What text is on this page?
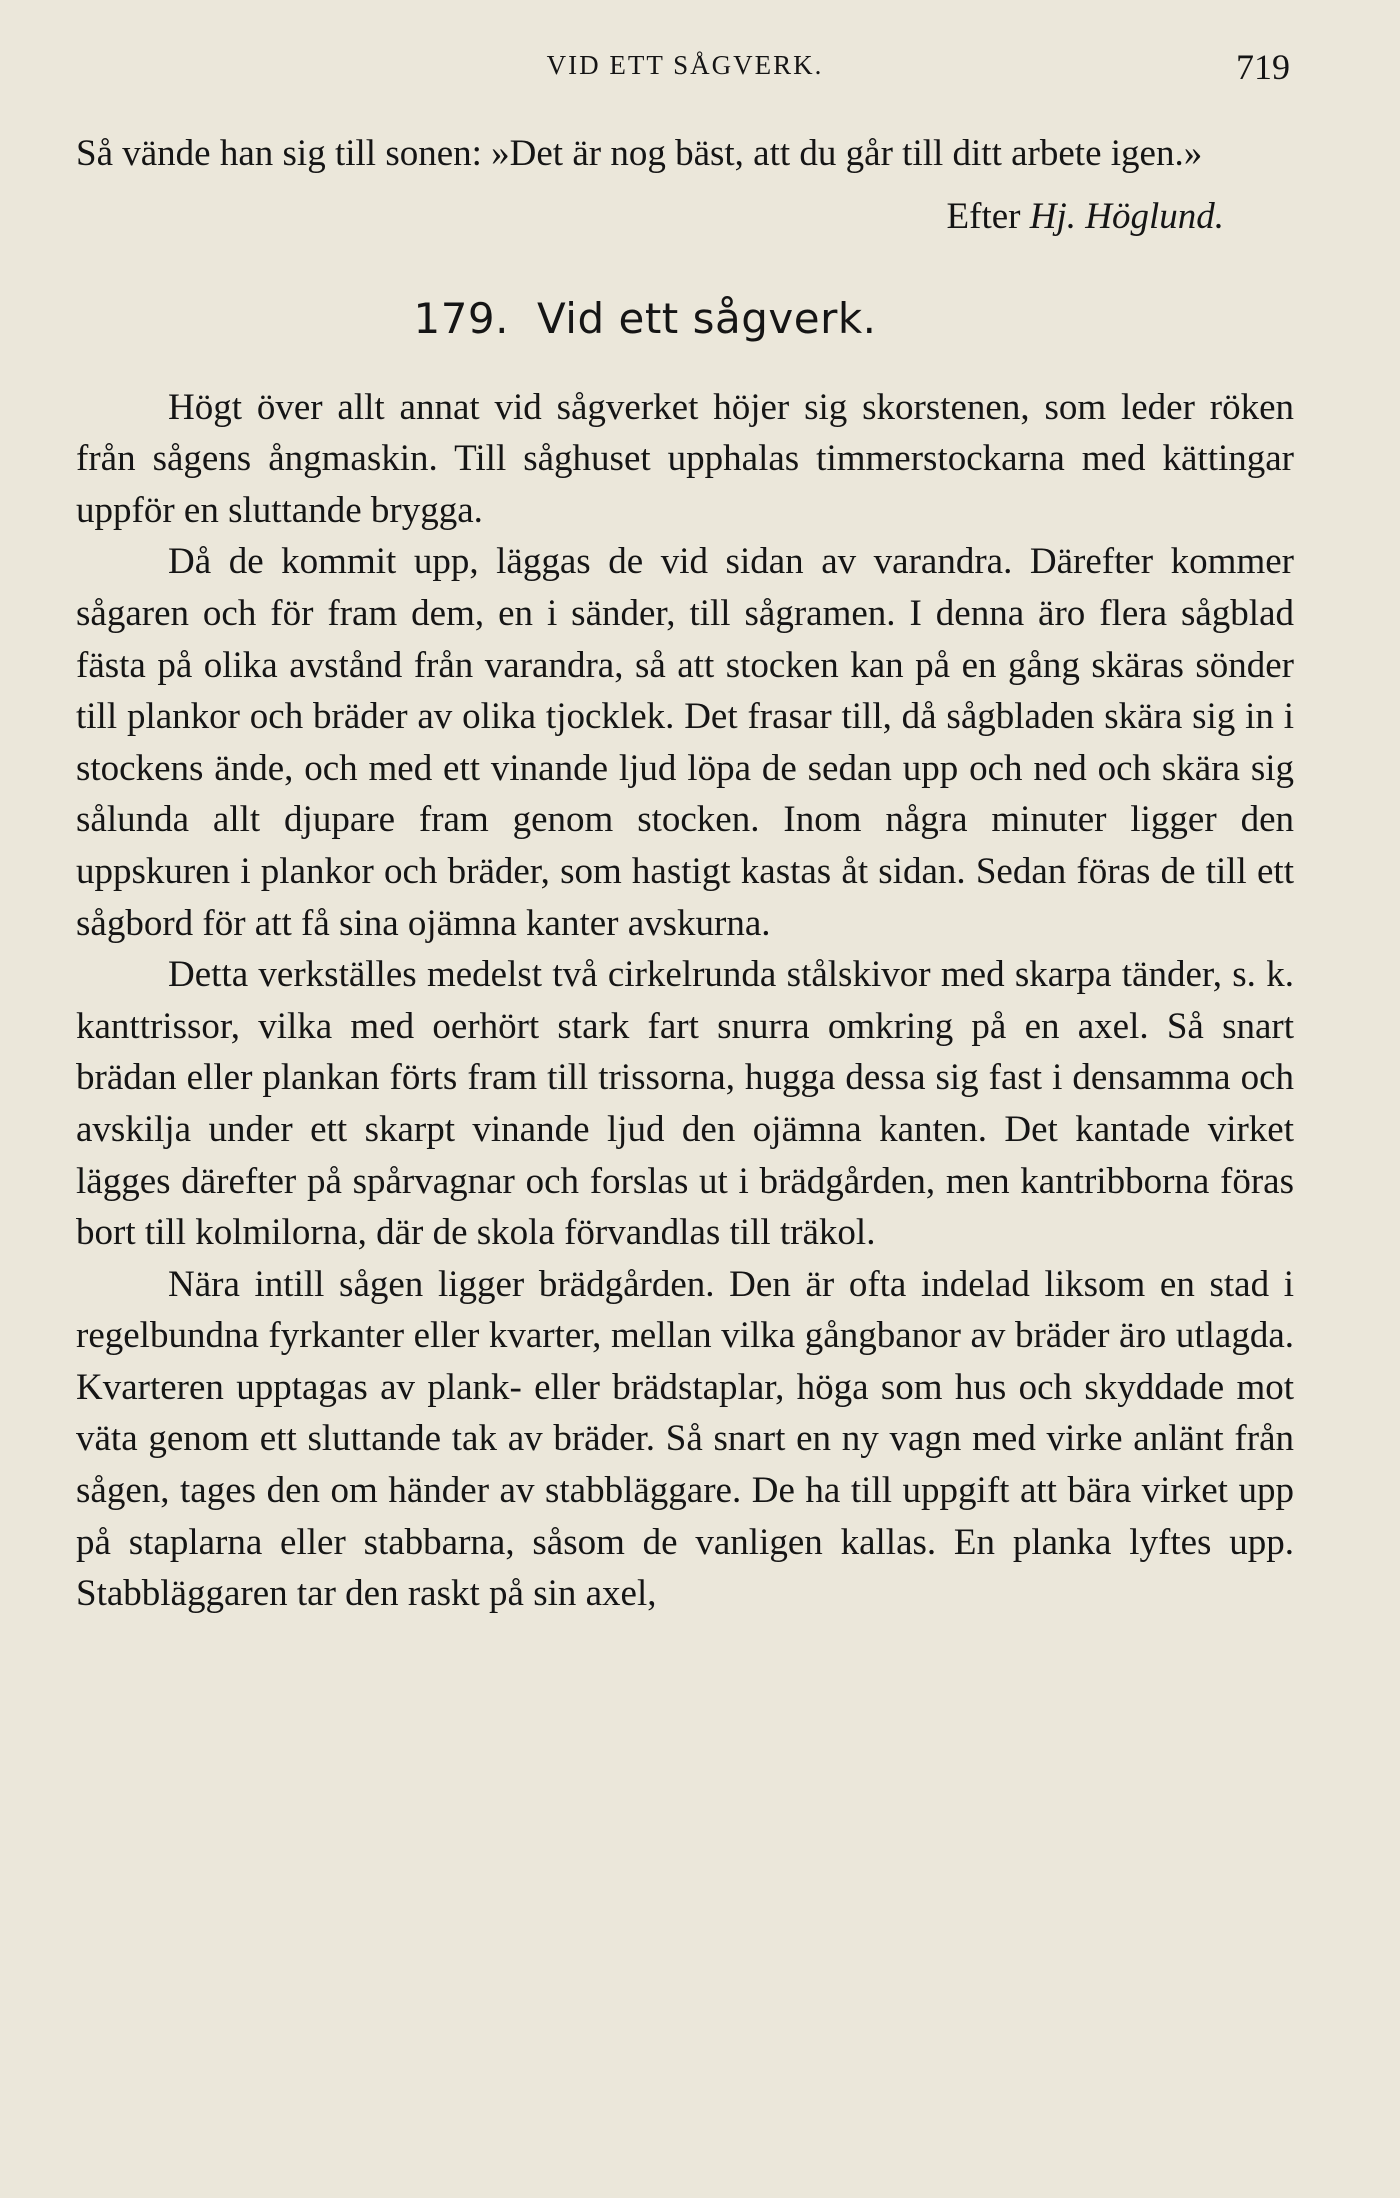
VID ETT SÅGVERK.	719

Så vände han sig till sonen: »Det är nog bäst, att du går till ditt arbete igen.»

Efter Hj. Höglund.

179. Vid ett sågverk.

Högt över allt annat vid sågverket höjer sig skorstenen, som leder röken från sågens ångmaskin. Till såghuset upphalas timmerstockarna med kättingar uppför en sluttande brygga.

Då de kommit upp, läggas de vid sidan av varandra. Därefter kommer sågaren och för fram dem, en i sänder, till sågramen. I denna äro flera sågblad fästa på olika avstånd från varandra, så att stocken kan på en gång skäras sönder till plankor och bräder av olika tjocklek. Det frasar till, då sågbladen skära sig in i stockens ände, och med ett vinande ljud löpa de sedan upp och ned och skära sig sålunda allt djupare fram genom stocken. Inom några minuter ligger den uppskuren i plankor och bräder, som hastigt kastas åt sidan. Sedan föras de till ett sågbord för att få sina ojämna kanter avskurna.

Detta verkställes medelst två cirkelrunda stålskivor med skarpa tänder, s. k. kanttrissor, vilka med oerhört stark fart snurra omkring på en axel. Så snart brädan eller plankan förts fram till trissorna, hugga dessa sig fast i densamma och avskilja under ett skarpt vinande ljud den ojämna kanten. Det kantade virket lägges därefter på spårvagnar och forslas ut i brädgården, men kantribborna föras bort till kolmilorna, där de skola förvandlas till träkol.

Nära intill sågen ligger brädgården. Den är ofta indelad liksom en stad i regelbundna fyrkanter eller kvarter, mellan vilka gångbanor av bräder äro utlagda. Kvarteren upptagas av plank- eller brädstaplar, höga som hus och skyddade mot väta genom ett sluttande tak av bräder. Så snart en ny vagn med virke anlänt från sågen, tages den om händer av stabbläggare. De ha till uppgift att bära virket upp på staplarna eller stabbarna, såsom de vanligen kallas. En planka lyftes upp. Stabbläggaren tar den raskt på sin axel,
